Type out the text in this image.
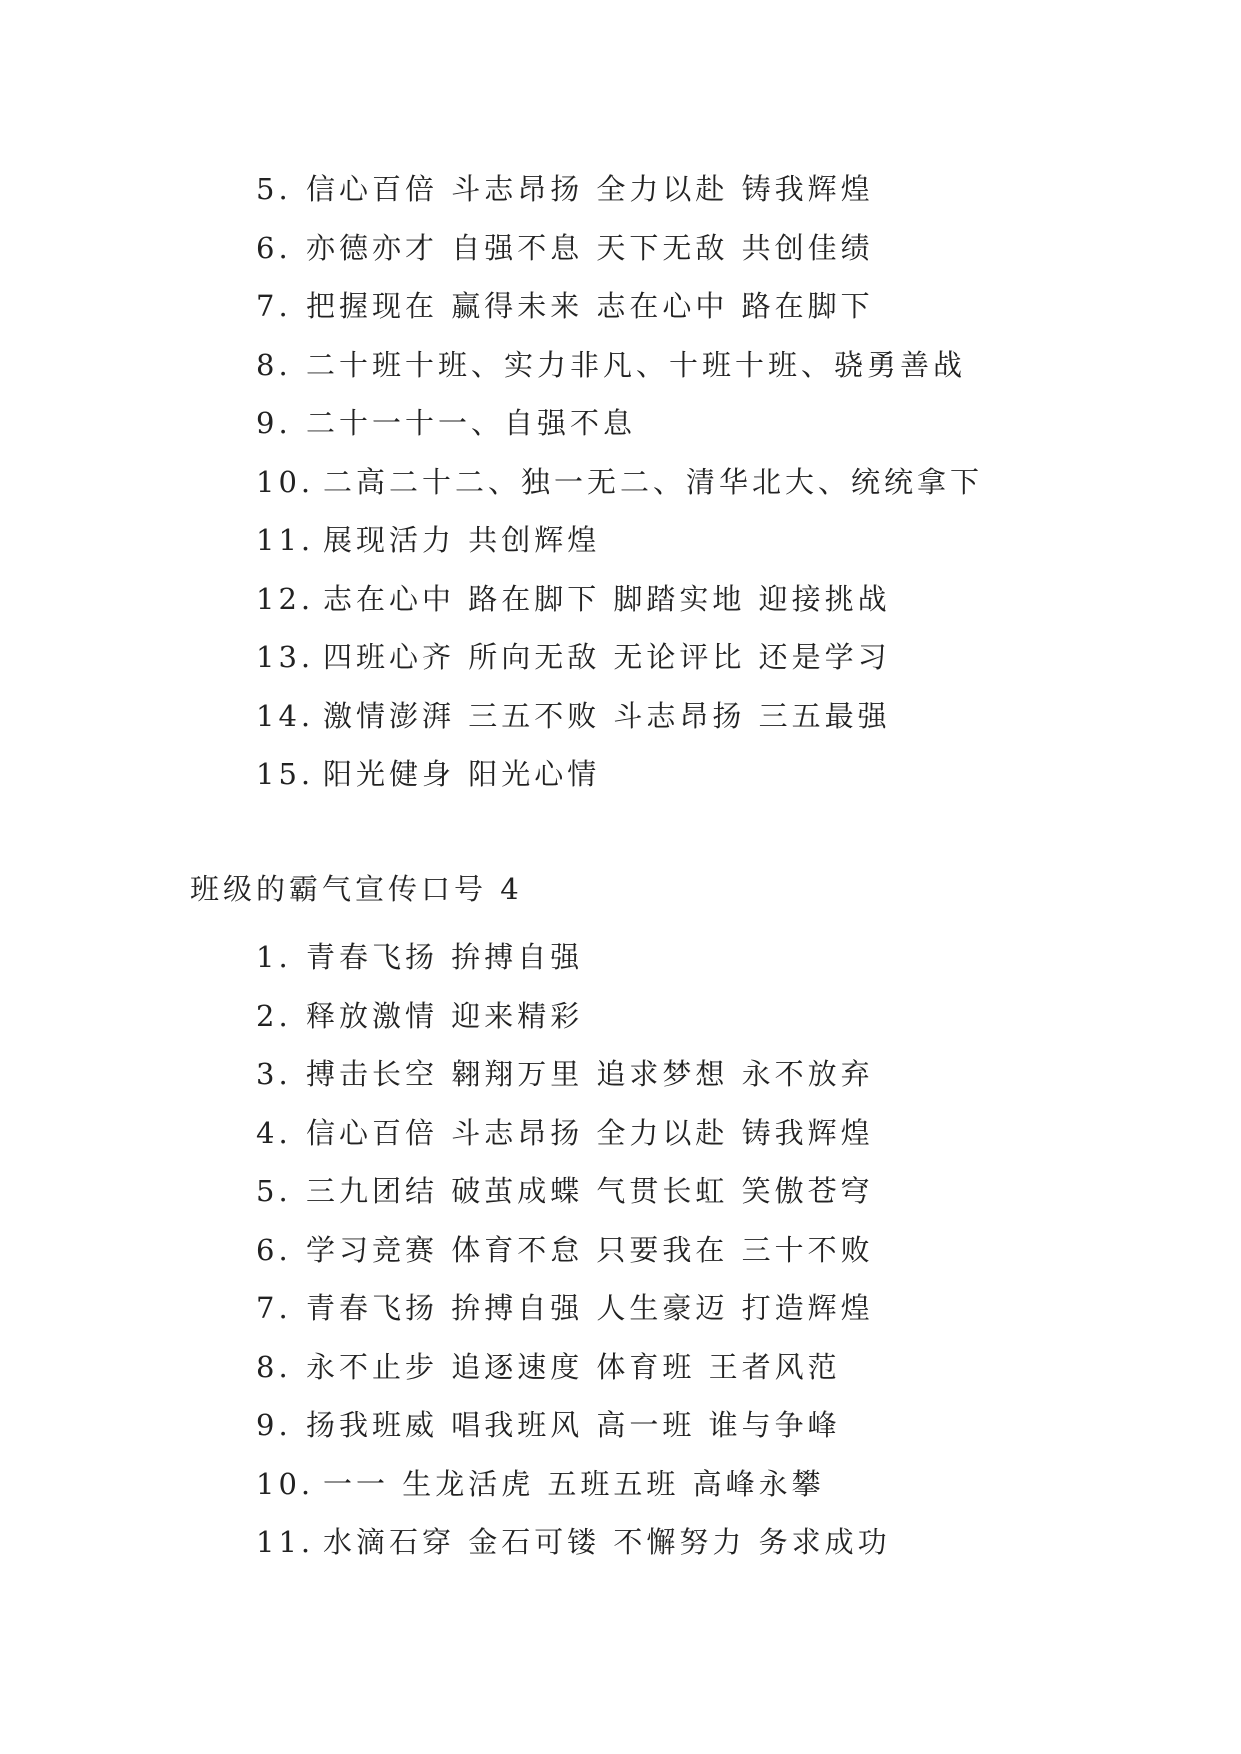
5. 信心百倍 斗志昂扬 全力以赴 铸我辉煌
6. 亦德亦才 自强不息 天下无敌 共创佳绩
7. 把握现在 赢得未来 志在心中 路在脚下
8. 二十班十班、实力非凡、十班十班、骁勇善战
9. 二十一十一、自强不息
10. 二高二十二、独一无二、清华北大、统统拿下
11. 展现活力 共创辉煌
12. 志在心中 路在脚下 脚踏实地 迎接挑战
13. 四班心齐 所向无敌 无论评比 还是学习
14. 激情澎湃 三五不败 斗志昂扬 三五最强
15. 阳光健身 阳光心情
班级的霸气宣传口号 4
1. 青春飞扬 拚搏自强
2. 释放激情 迎来精彩
3. 搏击长空 翱翔万里 追求梦想 永不放弃
4. 信心百倍 斗志昂扬 全力以赴 铸我辉煌
5. 三九团结 破茧成蝶 气贯长虹 笑傲苍穹
6. 学习竞赛 体育不怠 只要我在 三十不败
7. 青春飞扬 拚搏自强 人生豪迈 打造辉煌
8. 永不止步 追逐速度 体育班 王者风范
9. 扬我班威 唱我班风 高一班 谁与争峰
10. 一一 生龙活虎 五班五班 高峰永攀
11. 水滴石穿 金石可镂 不懈努力 务求成功
